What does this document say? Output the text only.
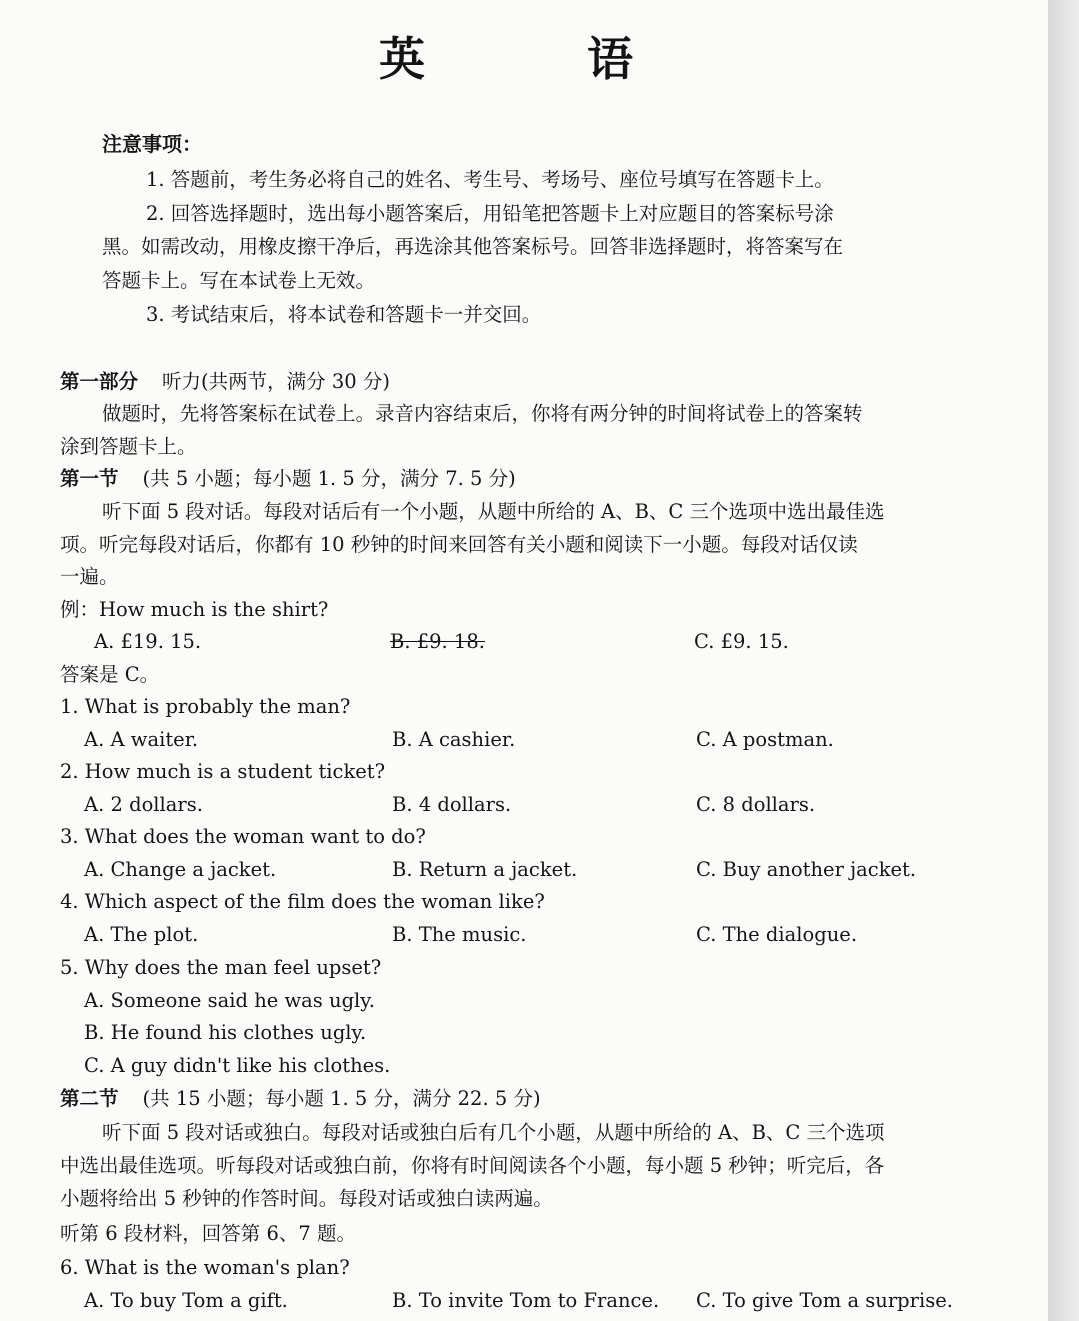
英　语
注意事项：
1. 答题前，考生务必将自己的姓名、考生号、考场号、座位号填写在答题卡上。
2. 回答选择题时，选出每小题答案后，用铅笔把答题卡上对应题目的答案标号涂
黑。如需改动，用橡皮擦干净后，再选涂其他答案标号。回答非选择题时，将答案写在
答题卡上。写在本试卷上无效。
3. 考试结束后，将本试卷和答题卡一并交回。
第一部分 听力(共两节，满分 30 分)
做题时，先将答案标在试卷上。录音内容结束后，你将有两分钟的时间将试卷上的答案转
涂到答题卡上。
第一节 (共 5 小题；每小题 1. 5 分，满分 7. 5 分)
听下面 5 段对话。每段对话后有一个小题，从题中所给的 A、B、C 三个选项中选出最佳选
项。听完每段对话后，你都有 10 秒钟的时间来回答有关小题和阅读下一小题。每段对话仅读
一遍。
例：How much is the shirt?
A. £19. 15.	B. £9. 18.	C. £9. 15.
答案是 C。
1. What is probably the man?
A. A waiter.	B. A cashier.	C. A postman.
2. How much is a student ticket?
A. 2 dollars.	B. 4 dollars.	C. 8 dollars.
3. What does the woman want to do?
A. Change a jacket.	B. Return a jacket.	C. Buy another jacket.
4. Which aspect of the film does the woman like?
A. The plot.	B. The music.	C. The dialogue.
5. Why does the man feel upset?
A. Someone said he was ugly.
B. He found his clothes ugly.
C. A guy didn't like his clothes.
第二节 (共 15 小题；每小题 1. 5 分，满分 22. 5 分)
听下面 5 段对话或独白。每段对话或独白后有几个小题，从题中所给的 A、B、C 三个选项
中选出最佳选项。听每段对话或独白前，你将有时间阅读各个小题，每小题 5 秒钟；听完后，各
小题将给出 5 秒钟的作答时间。每段对话或独白读两遍。
听第 6 段材料，回答第 6、7 题。
6. What is the woman's plan?
A. To buy Tom a gift.	B. To invite Tom to France. C. To give Tom a surprise.
